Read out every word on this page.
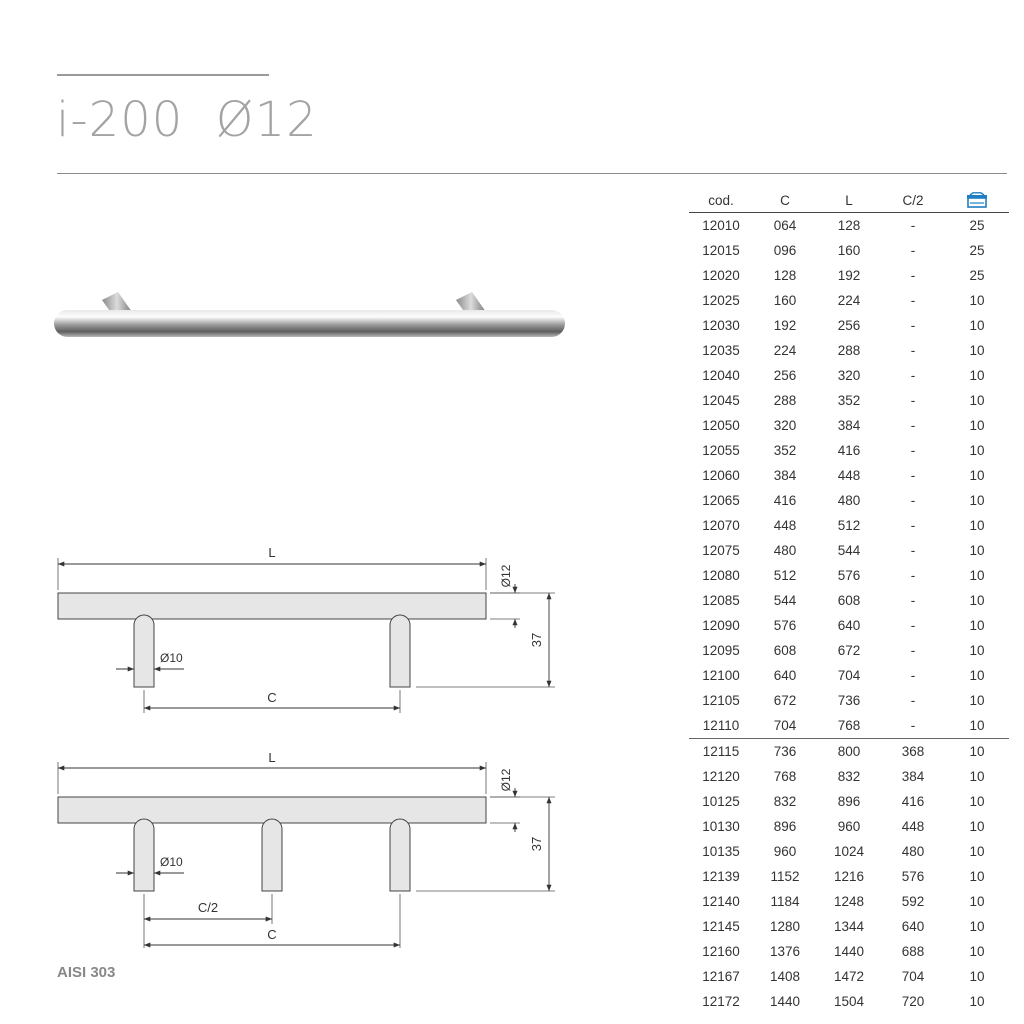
i-200  Ø12
L
Ø12
37
Ø10
C
L
Ø12
37
Ø10
C/2
C
AISI 303
cod.	C	L	C/2	
12010	064	128	-	25
12015	096	160	-	25
12020	128	192	-	25
12025	160	224	-	10
12030	192	256	-	10
12035	224	288	-	10
12040	256	320	-	10
12045	288	352	-	10
12050	320	384	-	10
12055	352	416	-	10
12060	384	448	-	10
12065	416	480	-	10
12070	448	512	-	10
12075	480	544	-	10
12080	512	576	-	10
12085	544	608	-	10
12090	576	640	-	10
12095	608	672	-	10
12100	640	704	-	10
12105	672	736	-	10
12110	704	768	-	10
12115	736	800	368	10
12120	768	832	384	10
10125	832	896	416	10
10130	896	960	448	10
10135	960	1024	480	10
12139	1152	1216	576	10
12140	1184	1248	592	10
12145	1280	1344	640	10
12160	1376	1440	688	10
12167	1408	1472	704	10
12172	1440	1504	720	10
